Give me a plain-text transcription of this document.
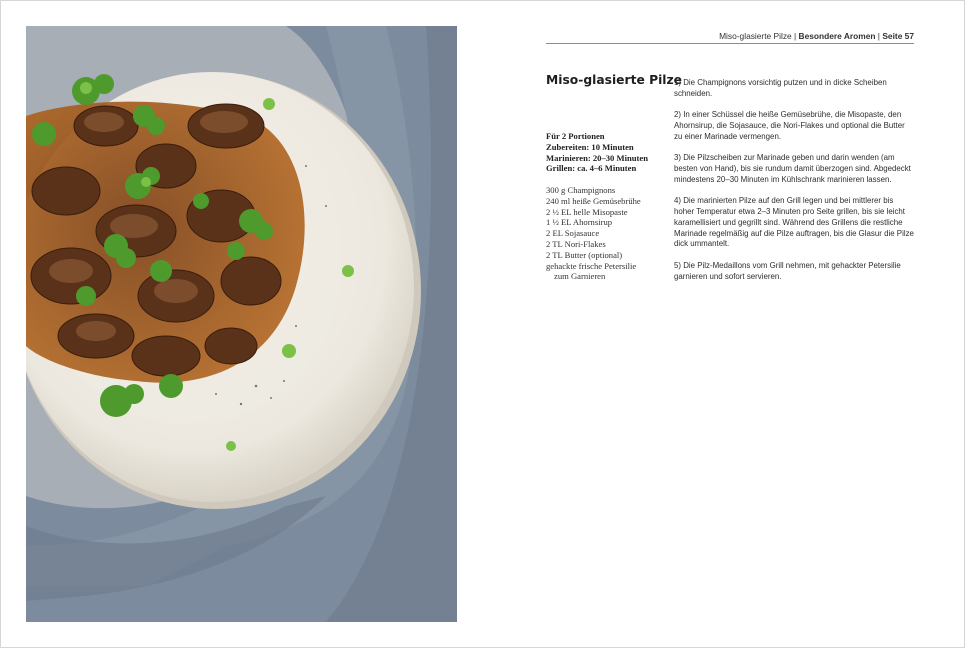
Miso-glasierte Pilze | Besondere Aromen | Seite 57
Miso-glasierte Pilze
Für 2 Portionen
Zubereiten: 10 Minuten
Marinieren: 20–30 Minuten
Grillen: ca. 4–6 Minuten
300 g Champignons
240 ml heiße Gemüsebrühe
2 ½ EL helle Misopaste
1 ½ EL Ahornsirup
2 EL Sojasauce
2 TL Nori-Flakes
2 TL Butter (optional)
gehackte frische Petersilie
zum Garnieren

1) Die Champignons vorsichtig putzen und in dicke Scheiben schneiden.

2) In einer Schüssel die heiße Gemüsebrühe, die Misopaste, den Ahornsirup, die Sojasauce, die Nori-Flakes und optional die Butter zu einer Marinade vermengen.

3) Die Pilzscheiben zur Marinade geben und darin wenden (am besten von Hand), bis sie rundum damit überzogen sind. Abgedeckt mindestens 20–30 Minuten im Kühlschrank marinieren lassen.

4) Die marinierten Pilze auf den Grill legen und bei mittlerer bis hoher Temperatur etwa 2–3 Minuten pro Seite grillen, bis sie leicht karamellisiert und gegrillt sind. Während des Grillens die restliche Marinade regelmäßig auf die Pilze auftragen, bis die Glasur die Pilze dick ummantelt.

5) Die Pilz-Medaillons vom Grill nehmen, mit gehackter Petersilie garnieren und sofort servieren.
